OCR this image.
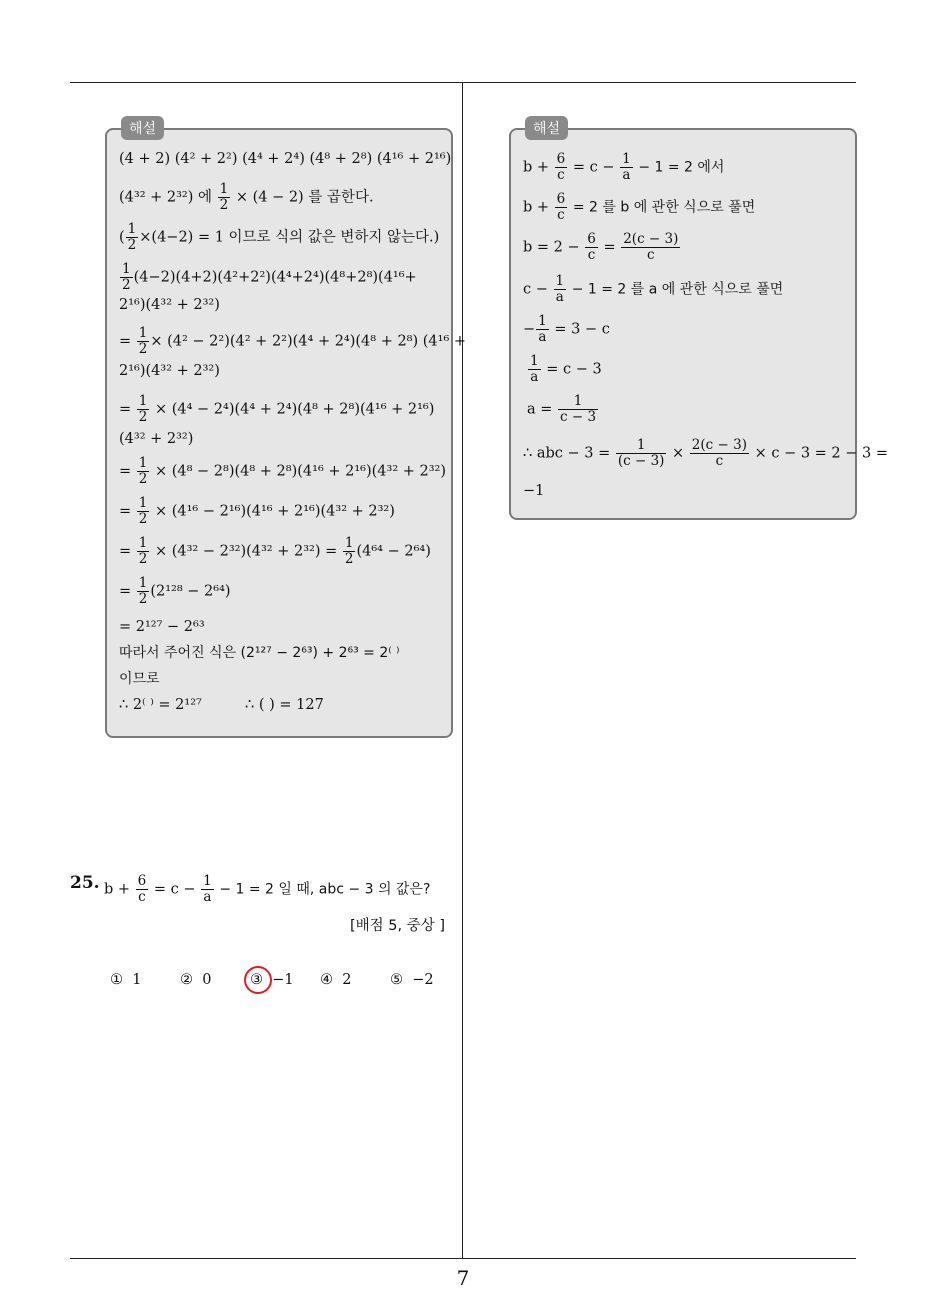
해설
(4 + 2) (4² + 2²) (4⁴ + 2⁴) (4⁸ + 2⁸) (4¹⁶ + 2¹⁶)
(4³² + 2³²) 에 $\frac{1}{2} \times (4 - 2)$ 를 곱한다.
( $\frac{1}{2} \times(4-2) = 1$ 이므로 식의 값은 변하지 않는다.)
$\frac{1}{2} (4-2)(4+2)(4^2+2^2)(4^4+2^4)(4^8+2^8)(4^{16}+$
2¹⁶)(4³² + 2³²)
= $\frac{1}{2} \times (4^2 - 2^2)(4^2 + 2^2)(4^4 + 2^4)(4^8 + 2^8) (4^{16}$ +
2¹⁶)(4³² + 2³²)
= $\frac{1}{2} \times (4^4 - 2^4)(4^4 + 2^4)(4^8 + 2^8)(4^{16} + 2^{16})$
(4³² + 2³²)
= $\frac{1}{2} \times (4^8 - 2^8)(4^8 + 2^8)(4^{16} + 2^{16})(4^{32} + 2^{32})$
= $\frac{1}{2} \times (4^{16} - 2^{16})(4^{16} + 2^{16})(4^{32} + 2^{32})$
= $\frac{1}{2} \times (4^{32} - 2^{32})(4^{32} + 2^{32}) = \frac{1}{2} (4^{64} - 2^{64})$
= $\frac{1}{2} (2^{128} - 2^{64})$
= 2¹²⁷ − 2⁶³
따라서 주어진 식은 (2¹²⁷ − 2⁶³) + 2⁶³ = 2⁽ ⁾
이므로
∴ 2⁽ ⁾ = 2¹²⁷	∴ ( ) = 127
해설
$b + \frac{6}{c} = c - \frac{1}{a} - 1 = 2$ 에서
$b + \frac{6}{c} = 2$ 를 b 에 관한 식으로 풀면
$b = 2 - \frac{6}{c} = \frac{2(c - 3)}{c}$
$c - \frac{1}{a} - 1 = 2$ 를 a 에 관한 식으로 풀면
− $\frac{1}{a} = 3 - c$
$\frac{1}{a} = c - 3$
$a = \frac{1}{c - 3}$
∴ abc − $3 = \frac{1}{(c - 3)} \times \frac{2(c - 3)}{c} \times c - 3 = 2 - 3$ =
−1
25. $b + \frac{6}{c} = c - \frac{1}{a} - 1 = 2$ 일 때, abc − 3 의 값은?
[배점 5, 중상 ]
① 1	② 0	③ −1 ④ 2	⑤ −2
7
